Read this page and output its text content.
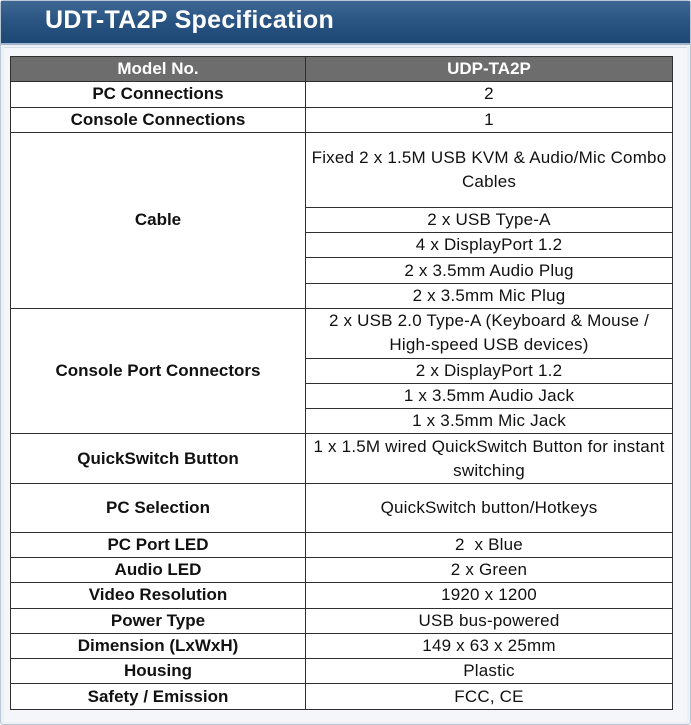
UDT-TA2P Specification
Model No.	UDP-TA2P
PC Connections	2
Console Connections	1
Cable	Fixed 2 x 1.5M USB KVM & Audio/Mic Combo Cables
	2 x USB Type-A
	4 x DisplayPort 1.2
	2 x 3.5mm Audio Plug
	2 x 3.5mm Mic Plug
Console Port Connectors	2 x USB 2.0 Type-A (Keyboard & Mouse / High-speed USB devices)
	2 x DisplayPort 1.2
	1 x 3.5mm Audio Jack
	1 x 3.5mm Mic Jack
QuickSwitch Button	1 x 1.5M wired QuickSwitch Button for instant switching
PC Selection	QuickSwitch button/Hotkeys
PC Port LED	2  x Blue
Audio LED	2 x Green
Video Resolution	1920 x 1200
Power Type	USB bus-powered
Dimension (LxWxH)	149 x 63 x 25mm
Housing	Plastic
Safety / Emission	FCC, CE
